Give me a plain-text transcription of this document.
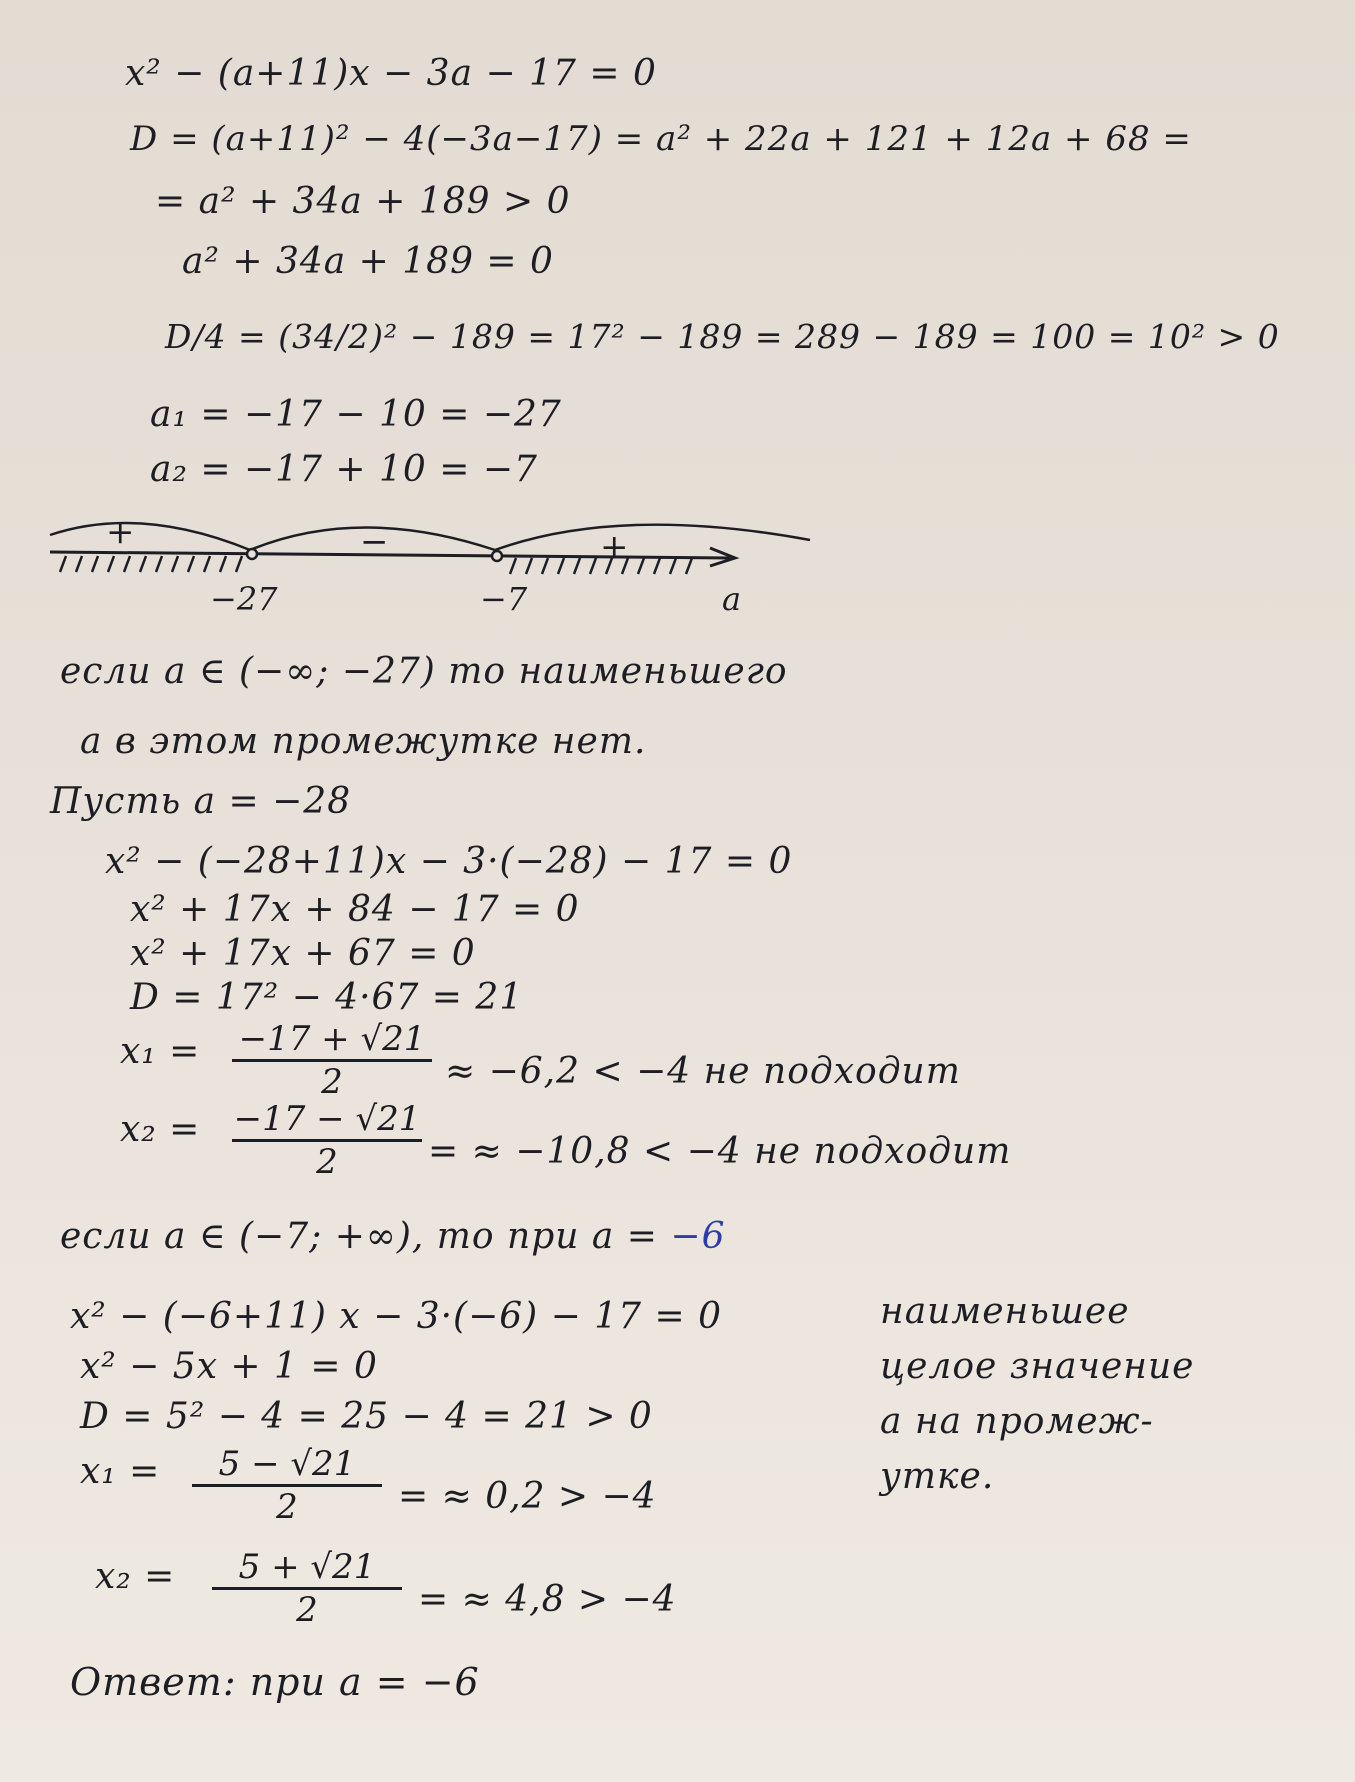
x² − (a+11)x − 3a − 17 = 0
D = (a+11)² − 4(−3a−17) = a² + 22a + 121 + 12a + 68 =
= a² + 34a + 189 > 0
a² + 34a + 189 = 0
D/4 = (34/2)² − 189 = 17² − 189 = 289 − 189 = 100 = 10² > 0
a₁ = −17 − 10 = −27
a₂ = −17 + 10 = −7
+	−	+
−27	−7	a
если a ∈ (−∞; −27) то наименьшего
a в этом промежутке нет.
Пусть a = −28
x² − (−28+11)x − 3·(−28) − 17 = 0
x² + 17x + 84 − 17 = 0
x² + 17x + 67 = 0
D = 17² − 4·67 = 21
x₁ = −17 + √21
2	≈ −6,2 < −4 не подходит
x₂ = −17 − √21
2	= ≈ −10,8 < −4 не подходит
если a ∈ (−7; +∞), то при a = −6
x² − (−6+11) x − 3·(−6) − 17 = 0
x² − 5x + 1 = 0
D = 5² − 4 = 25 − 4 = 21 > 0
x₁ =	5 − √21
2	= ≈ 0,2 > −4
x₂ =	5 + √21
2	= ≈ 4,8 > −4
наименьшее
целое значение
a на промеж-
утке.
Ответ: при a = −6
